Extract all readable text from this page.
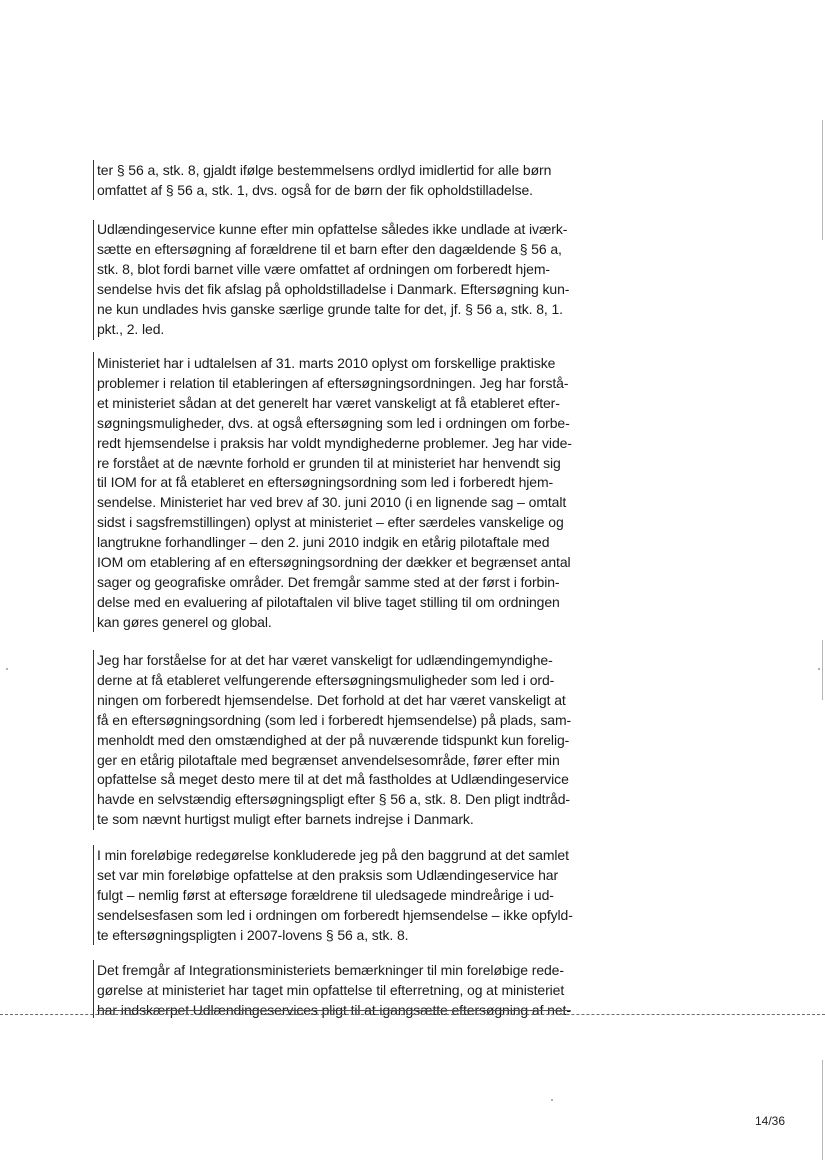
ter § 56 a, stk. 8, gjaldt ifølge bestemmelsens ordlyd imidlertid for alle børn
omfattet af § 56 a, stk. 1, dvs. også for de børn der fik opholdstilladelse.
Udlændingeservice kunne efter min opfattelse således ikke undlade at iværk-
sætte en eftersøgning af forældrene til et barn efter den dagældende § 56 a,
stk. 8, blot fordi barnet ville være omfattet af ordningen om forberedt hjem-
sendelse hvis det fik afslag på opholdstilladelse i Danmark. Eftersøgning kun-
ne kun undlades hvis ganske særlige grunde talte for det, jf. § 56 a, stk. 8, 1.
pkt., 2. led.
Ministeriet har i udtalelsen af 31. marts 2010 oplyst om forskellige praktiske
problemer i relation til etableringen af eftersøgningsordningen. Jeg har forstå-
et ministeriet sådan at det generelt har været vanskeligt at få etableret efter-
søgningsmuligheder, dvs. at også eftersøgning som led i ordningen om forbe-
redt hjemsendelse i praksis har voldt myndighederne problemer. Jeg har vide-
re forstået at de nævnte forhold er grunden til at ministeriet har henvendt sig
til IOM for at få etableret en eftersøgningsordning som led i forberedt hjem-
sendelse. Ministeriet har ved brev af 30. juni 2010 (i en lignende sag – omtalt
sidst i sagsfremstillingen) oplyst at ministeriet – efter særdeles vanskelige og
langtrukne forhandlinger – den 2. juni 2010 indgik en etårig pilotaftale med
IOM om etablering af en eftersøgningsordning der dækker et begrænset antal
sager og geografiske områder. Det fremgår samme sted at der først i forbin-
delse med en evaluering af pilotaftalen vil blive taget stilling til om ordningen
kan gøres generel og global.
Jeg har forståelse for at det har været vanskeligt for udlændingemyndighe-
derne at få etableret velfungerende eftersøgningsmuligheder som led i ord-
ningen om forberedt hjemsendelse. Det forhold at det har været vanskeligt at
få en eftersøgningsordning (som led i forberedt hjemsendelse) på plads, sam-
menholdt med den omstændighed at der på nuværende tidspunkt kun forelig-
ger en etårig pilotaftale med begrænset anvendelsesområde, fører efter min
opfattelse så meget desto mere til at det må fastholdes at Udlændingeservice
havde en selvstændig eftersøgningspligt efter § 56 a, stk. 8. Den pligt indtråd-
te som nævnt hurtigst muligt efter barnets indrejse i Danmark.
I min foreløbige redegørelse konkluderede jeg på den baggrund at det samlet
set var min foreløbige opfattelse at den praksis som Udlændingeservice har
fulgt – nemlig først at eftersøge forældrene til uledsagede mindreårige i ud-
sendelsesfasen som led i ordningen om forberedt hjemsendelse – ikke opfyld-
te eftersøgningspligten i 2007-lovens § 56 a, stk. 8.
Det fremgår af Integrationsministeriets bemærkninger til min foreløbige rede-
gørelse at ministeriet har taget min opfattelse til efterretning, og at ministeriet
har indskærpet Udlændingeservices pligt til at igangsætte eftersøgning af net-
14/36
